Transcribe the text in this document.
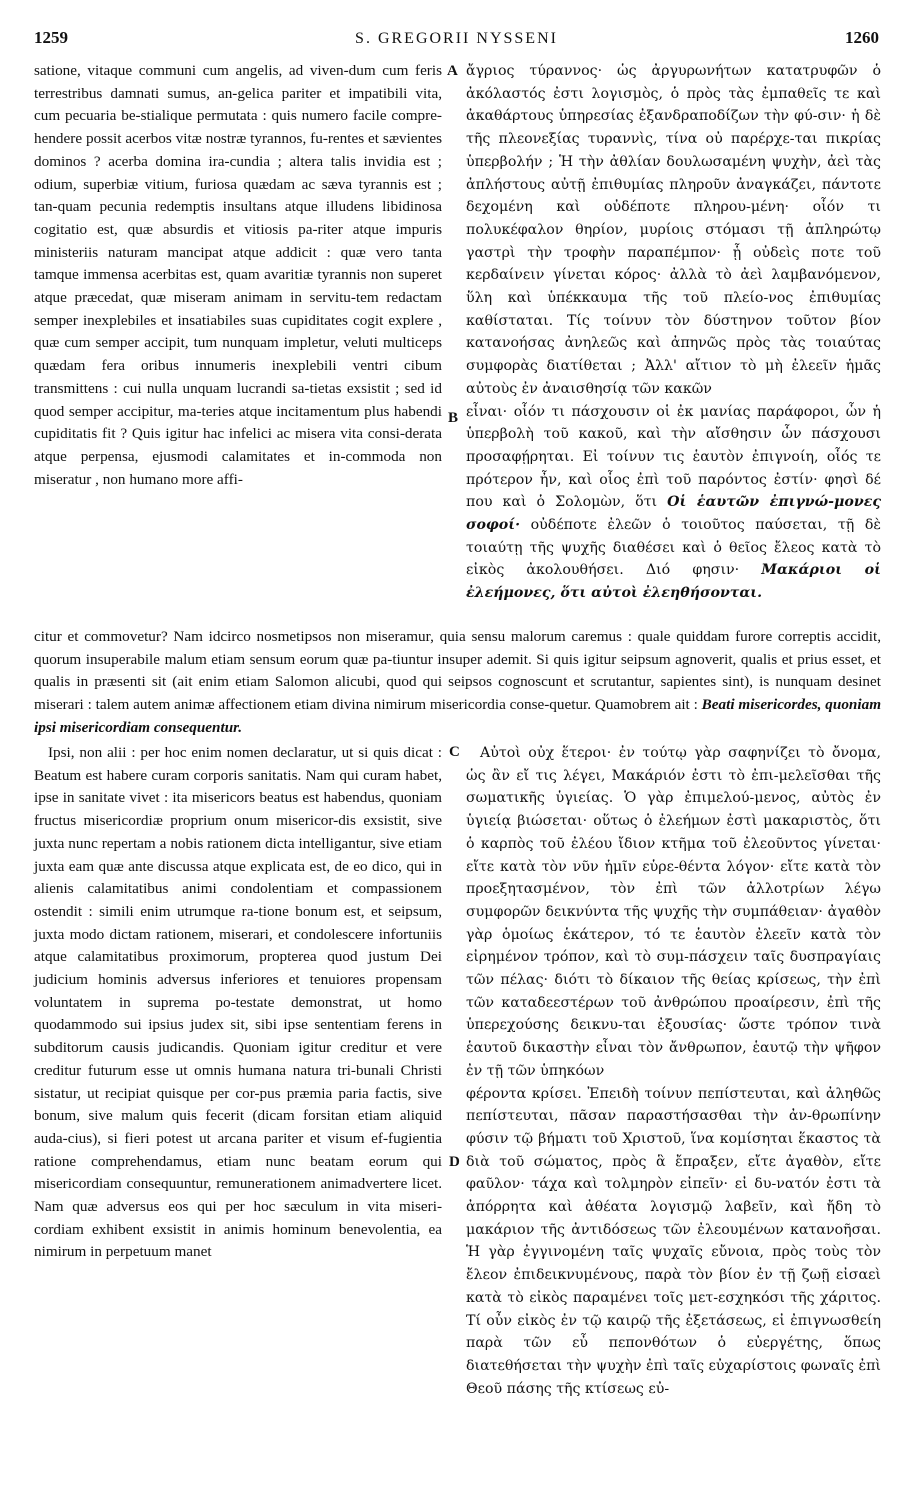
1259	S. GREGORII NYSSENI	1260
A
B
C
D

satione, vitaque communi cum angelis, ad viven-dum cum feris terrestribus damnati sumus, an-gelica pariter et impatibili vita, cum pecuaria be-stialique permutata : quis numero facile compre-hendere possit acerbos vitæ nostræ tyrannos, fu-rentes et sævientes dominos ? acerba domina ira-cundia ; altera talis invidia est ; odium, superbiæ vitium, furiosa quædam ac sæva tyrannis est ; tan-quam pecunia redemptis insultans atque illudens libidinosa cogitatio est, quæ absurdis et vitiosis pa-riter atque impuris ministeriis naturam mancipat atque addicit : quæ vero tanta tamque immensa acerbitas est, quam avaritiæ tyrannis non superet atque præcedat, quæ miseram animam in servitu-tem redactam semper inexplebiles et insatiabiles suas cupiditates cogit explere , quæ cum semper accipit, tum nunquam impletur, veluti multiceps quædam fera oribus innumeris inexplebili ventri cibum transmittens : cui nulla unquam lucrandi sa-tietas exsistit ; sed id quod semper accipitur, ma-teries atque incitamentum plus habendi cupiditatis fit ? Quis igitur hac infelici ac misera vita consi-derata atque perpensa, ejusmodi calamitates et in-commoda non miseratur , non humano more affi-

ἄγριος τύραννος· ὡς ἀργυρωνήτων κατατρυφῶν ὁ ἀκόλαστός ἐστι λογισμὸς, ὁ πρὸς τὰς ἐμπαθεῖς τε καὶ ἀκαθάρτους ὑπηρεσίας ἐξανδραποδίζων τὴν φύ-σιν· ἡ δὲ τῆς πλεονεξίας τυραννὶς, τίνα οὐ παρέρχε-ται πικρίας ὑπερβολήν ; Ἡ τὴν ἀθλίαν δουλωσαμένη ψυχὴν, ἀεὶ τὰς ἀπλήστους αὐτῇ ἐπιθυμίας πληροῦν ἀναγκάζει, πάντοτε δεχομένη καὶ οὐδέποτε πληρου-μένη· οἷόν τι πολυκέφαλον θηρίον, μυρίοις στόμασι τῇ ἀπληρώτῳ γαστρὶ τὴν τροφὴν παραπέμπον· ᾗ οὐδεὶς ποτε τοῦ κερδαίνειν γίνεται κόρος· ἀλλὰ τὸ ἀεὶ λαμβανόμενον, ὕλη καὶ ὑπέκκαυμα τῆς τοῦ πλείο-νος ἐπιθυμίας καθίσταται. Τίς τοίνυν τὸν δύστηνον τοῦτον βίον κατανοήσας ἀνηλεῶς καὶ ἀπηνῶς πρὸς τὰς τοιαύτας συμφορὰς διατίθεται ; Ἀλλ' αἴτιον τὸ μὴ ἐλεεῖν ἡμᾶς αὐτοὺς ἐν ἀναισθησίᾳ τῶν κακῶν

εἶναι· οἷόν τι πάσχουσιν οἱ ἐκ μανίας παράφοροι, ὧν ἡ ὑπερβολὴ τοῦ κακοῦ, καὶ τὴν αἴσθησιν ὧν πάσχουσι προσαφῄρηται. Εἰ τοίνυν τις ἑαυτὸν ἐπιγνοίη, οἷός τε πρότερον ἦν, καὶ οἷος ἐπὶ τοῦ παρόντος ἐστίν· φησὶ δέ που καὶ ὁ Σολομὼν, ὅτι Οἱ ἑαυτῶν ἐπιγνώ-μονες σοφοί· οὐδέποτε ἐλεῶν ὁ τοιοῦτος παύσεται, τῇ δὲ τοιαύτῃ τῆς ψυχῆς διαθέσει καὶ ὁ θεῖος ἔλεος κατὰ τὸ εἰκὸς ἀκολουθήσει. Διό φησιν· Μακάριοι οἱ ἐλεήμονες, ὅτι αὐτοὶ ἐλεηθήσονται.

citur et commovetur? Nam idcirco nosmetipsos non miseramur, quia sensu malorum caremus : quale quiddam furore correptis accidit, quorum insuperabile malum etiam sensum eorum quæ pa-tiuntur insuper ademit. Si quis igitur seipsum agnoverit, qualis et prius esset, et qualis in præsenti sit (ait enim etiam Salomon alicubi, quod qui seipsos cognoscunt et scrutantur, sapientes sint), is nunquam desinet miserari : talem autem animæ affectionem etiam divina nimirum misericordia conse-quetur. Quamobrem ait : Beati misericordes, quoniam ipsi misericordiam consequentur.

Ipsi, non alii : per hoc enim nomen declaratur, ut si quis dicat : Beatum est habere curam corporis sanitatis. Nam qui curam habet, ipse in sanitate vivet : ita misericors beatus est habendus, quoniam fructus misericordiæ proprium onum misericor-dis exsistit, sive juxta nunc repertam a nobis rationem dicta intelligantur, sive etiam juxta eam quæ ante discussa atque explicata est, de eo dico, qui in alienis calamitatibus animi condolentiam et compassionem ostendit : simili enim utrumque ra-tione bonum est, et seipsum, juxta modo dictam rationem, miserari, et condolescere infortuniis atque calamitatibus proximorum, propterea quod justum Dei judicium hominis adversus inferiores et tenuiores propensam voluntatem in suprema po-testate demonstrat, ut homo quodammodo sui ipsius judex sit, sibi ipse sententiam ferens in subditorum causis judicandis. Quoniam igitur creditur et vere creditur futurum esse ut omnis humana natura tri-bunali Christi sistatur, ut recipiat quisque per cor-pus præmia paria factis, sive bonum, sive malum quis fecerit (dicam forsitan etiam aliquid auda-cius), si fieri potest ut arcana pariter et visum ef-fugientia ratione comprehendamus, etiam nunc beatam eorum qui misericordiam consequuntur, remunerationem animadvertere licet. Nam quæ adversus eos qui per hoc sæculum in vita miseri-cordiam exhibent exsistit in animis hominum benevolentia, ea nimirum in perpetuum manet

Αὐτοὶ οὐχ ἕτεροι· ἐν τούτῳ γὰρ σαφηνίζει τὸ ὄνομα, ὡς ἂν εἴ τις λέγει, Μακάριόν ἐστι τὸ ἐπι-μελεῖσθαι τῆς σωματικῆς ὑγιείας. Ὁ γὰρ ἐπιμελού-μενος, αὐτὸς ἐν ὑγιείᾳ βιώσεται· οὕτως ὁ ἐλεήμων ἐστὶ μακαριστὸς, ὅτι ὁ καρπὸς τοῦ ἐλέου ἴδιον κτῆμα τοῦ ἐλεοῦντος γίνεται· εἴτε κατὰ τὸν νῦν ἡμῖν εὑρε-θέντα λόγον· εἴτε κατὰ τὸν προεξητασμένον, τὸν ἐπὶ τῶν ἀλλοτρίων λέγω συμφορῶν δεικνύντα τῆς ψυχῆς τὴν συμπάθειαν· ἀγαθὸν γὰρ ὁμοίως ἑκάτερον, τό τε ἑαυτὸν ἐλεεῖν κατὰ τὸν εἰρημένον τρόπον, καὶ τὸ συμ-πάσχειν ταῖς δυσπραγίαις τῶν πέλας· διότι τὸ δίκαιον τῆς θείας κρίσεως, τὴν ἐπὶ τῶν καταδεεστέρων τοῦ ἀνθρώπου προαίρεσιν, ἐπὶ τῆς ὑπερεχούσης δεικνυ-ται ἐξουσίας· ὥστε τρόπον τινὰ ἑαυτοῦ δικαστὴν εἶναι τὸν ἄνθρωπον, ἑαυτῷ τὴν ψῆφον ἐν τῇ τῶν ὑπηκόων

φέροντα κρίσει. Ἐπειδὴ τοίνυν πεπίστευται, καὶ ἀληθῶς πεπίστευται, πᾶσαν παραστήσασθαι τὴν ἀν-θρωπίνην φύσιν τῷ βήματι τοῦ Χριστοῦ, ἵνα κομίσηται ἕκαστος τὰ διὰ τοῦ σώματος, πρὸς ἃ ἔπραξεν, εἴτε ἀγαθὸν, εἴτε φαῦλον· τάχα καὶ τολμηρὸν εἰπεῖν· εἰ δυ-νατόν ἐστι τὰ ἀπόρρητα καὶ ἀθέατα λογισμῷ λαβεῖν, καὶ ἤδη τὸ μακάριον τῆς ἀντιδόσεως τῶν ἐλεουμένων κατανοῆσαι. Ἡ γὰρ ἐγγινομένη ταῖς ψυχαῖς εὔνοια, πρὸς τοὺς τὸν ἔλεον ἐπιδεικνυμένους, παρὰ τὸν βίον ἐν τῇ ζωῇ εἰσαεὶ κατὰ τὸ εἰκὸς παραμένει τοῖς μετ-εσχηκόσι τῆς χάριτος. Τί οὖν εἰκὸς ἐν τῷ καιρῷ τῆς ἐξετάσεως, εἰ ἐπιγνωσθείη παρὰ τῶν εὖ πεπονθότων ὁ εὐεργέτης, ὅπως διατεθήσεται τὴν ψυχὴν ἐπὶ ταῖς εὐχαρίστοις φωναῖς ἐπὶ Θεοῦ πάσης τῆς κτίσεως εὐ-
